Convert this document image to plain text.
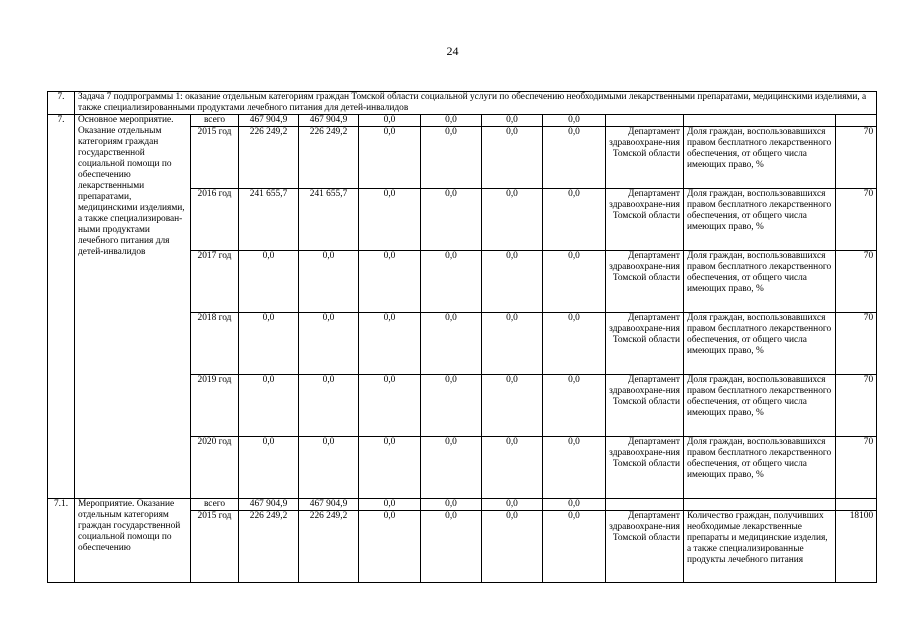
24
7.	Задача 7 подпрограммы 1: оказание отдельным категориям граждан Томской области социальной услуги по обеспечению необходимыми лекарственными препаратами, медицинскими изделиями, а также специализированными продуктами лечебного питания для детей-инвалидов										
7.	Основное мероприятие. Оказание отдельным категориям граждан государственной социальной помощи по обеспечению лекарственными препаратами, медицинскими изделиями, а также специализирован-ными продуктами лечебного питания для детей-инвалидов	всего	467 904,9	467 904,9	0,0	0,0	0,0	0,0			
		2015 год	226 249,2	226 249,2	0,0	0,0	0,0	0,0	Департамент здравоохране-ния Томской области	Доля граждан, воспользовавшихся правом бесплатного лекарственного обеспечения, от общего числа имеющих право, %	70
		2016 год	241 655,7	241 655,7	0,0	0,0	0,0	0,0	Департамент здравоохране-ния Томской области	Доля граждан, воспользовавшихся правом бесплатного лекарственного обеспечения, от общего числа имеющих право, %	70
		2017 год	0,0	0,0	0,0	0,0	0,0	0,0	Департамент здравоохране-ния Томской области	Доля граждан, воспользовавшихся правом бесплатного лекарственного обеспечения, от общего числа имеющих право, %	70
		2018 год	0,0	0,0	0,0	0,0	0,0	0,0	Департамент здравоохране-ния Томской области	Доля граждан, воспользовавшихся правом бесплатного лекарственного обеспечения, от общего числа имеющих право, %	70
		2019 год	0,0	0,0	0,0	0,0	0,0	0,0	Департамент здравоохране-ния Томской области	Доля граждан, воспользовавшихся правом бесплатного лекарственного обеспечения, от общего числа имеющих право, %	70
		2020 год	0,0	0,0	0,0	0,0	0,0	0,0	Департамент здравоохране-ния Томской области	Доля граждан, воспользовавшихся правом бесплатного лекарственного обеспечения, от общего числа имеющих право, %	70
7.1.	Мероприятие. Оказание отдельным категориям граждан государственной социальной помощи по обеспечению	всего	467 904,9	467 904,9	0,0	0,0	0,0	0,0			
		2015 год	226 249,2	226 249,2	0,0	0,0	0,0	0,0	Департамент здравоохране-ния Томской области	Количество граждан, получивших необходимые лекарственные препараты и медицинские изделия, а также специализированные продукты лечебного питания	18100
